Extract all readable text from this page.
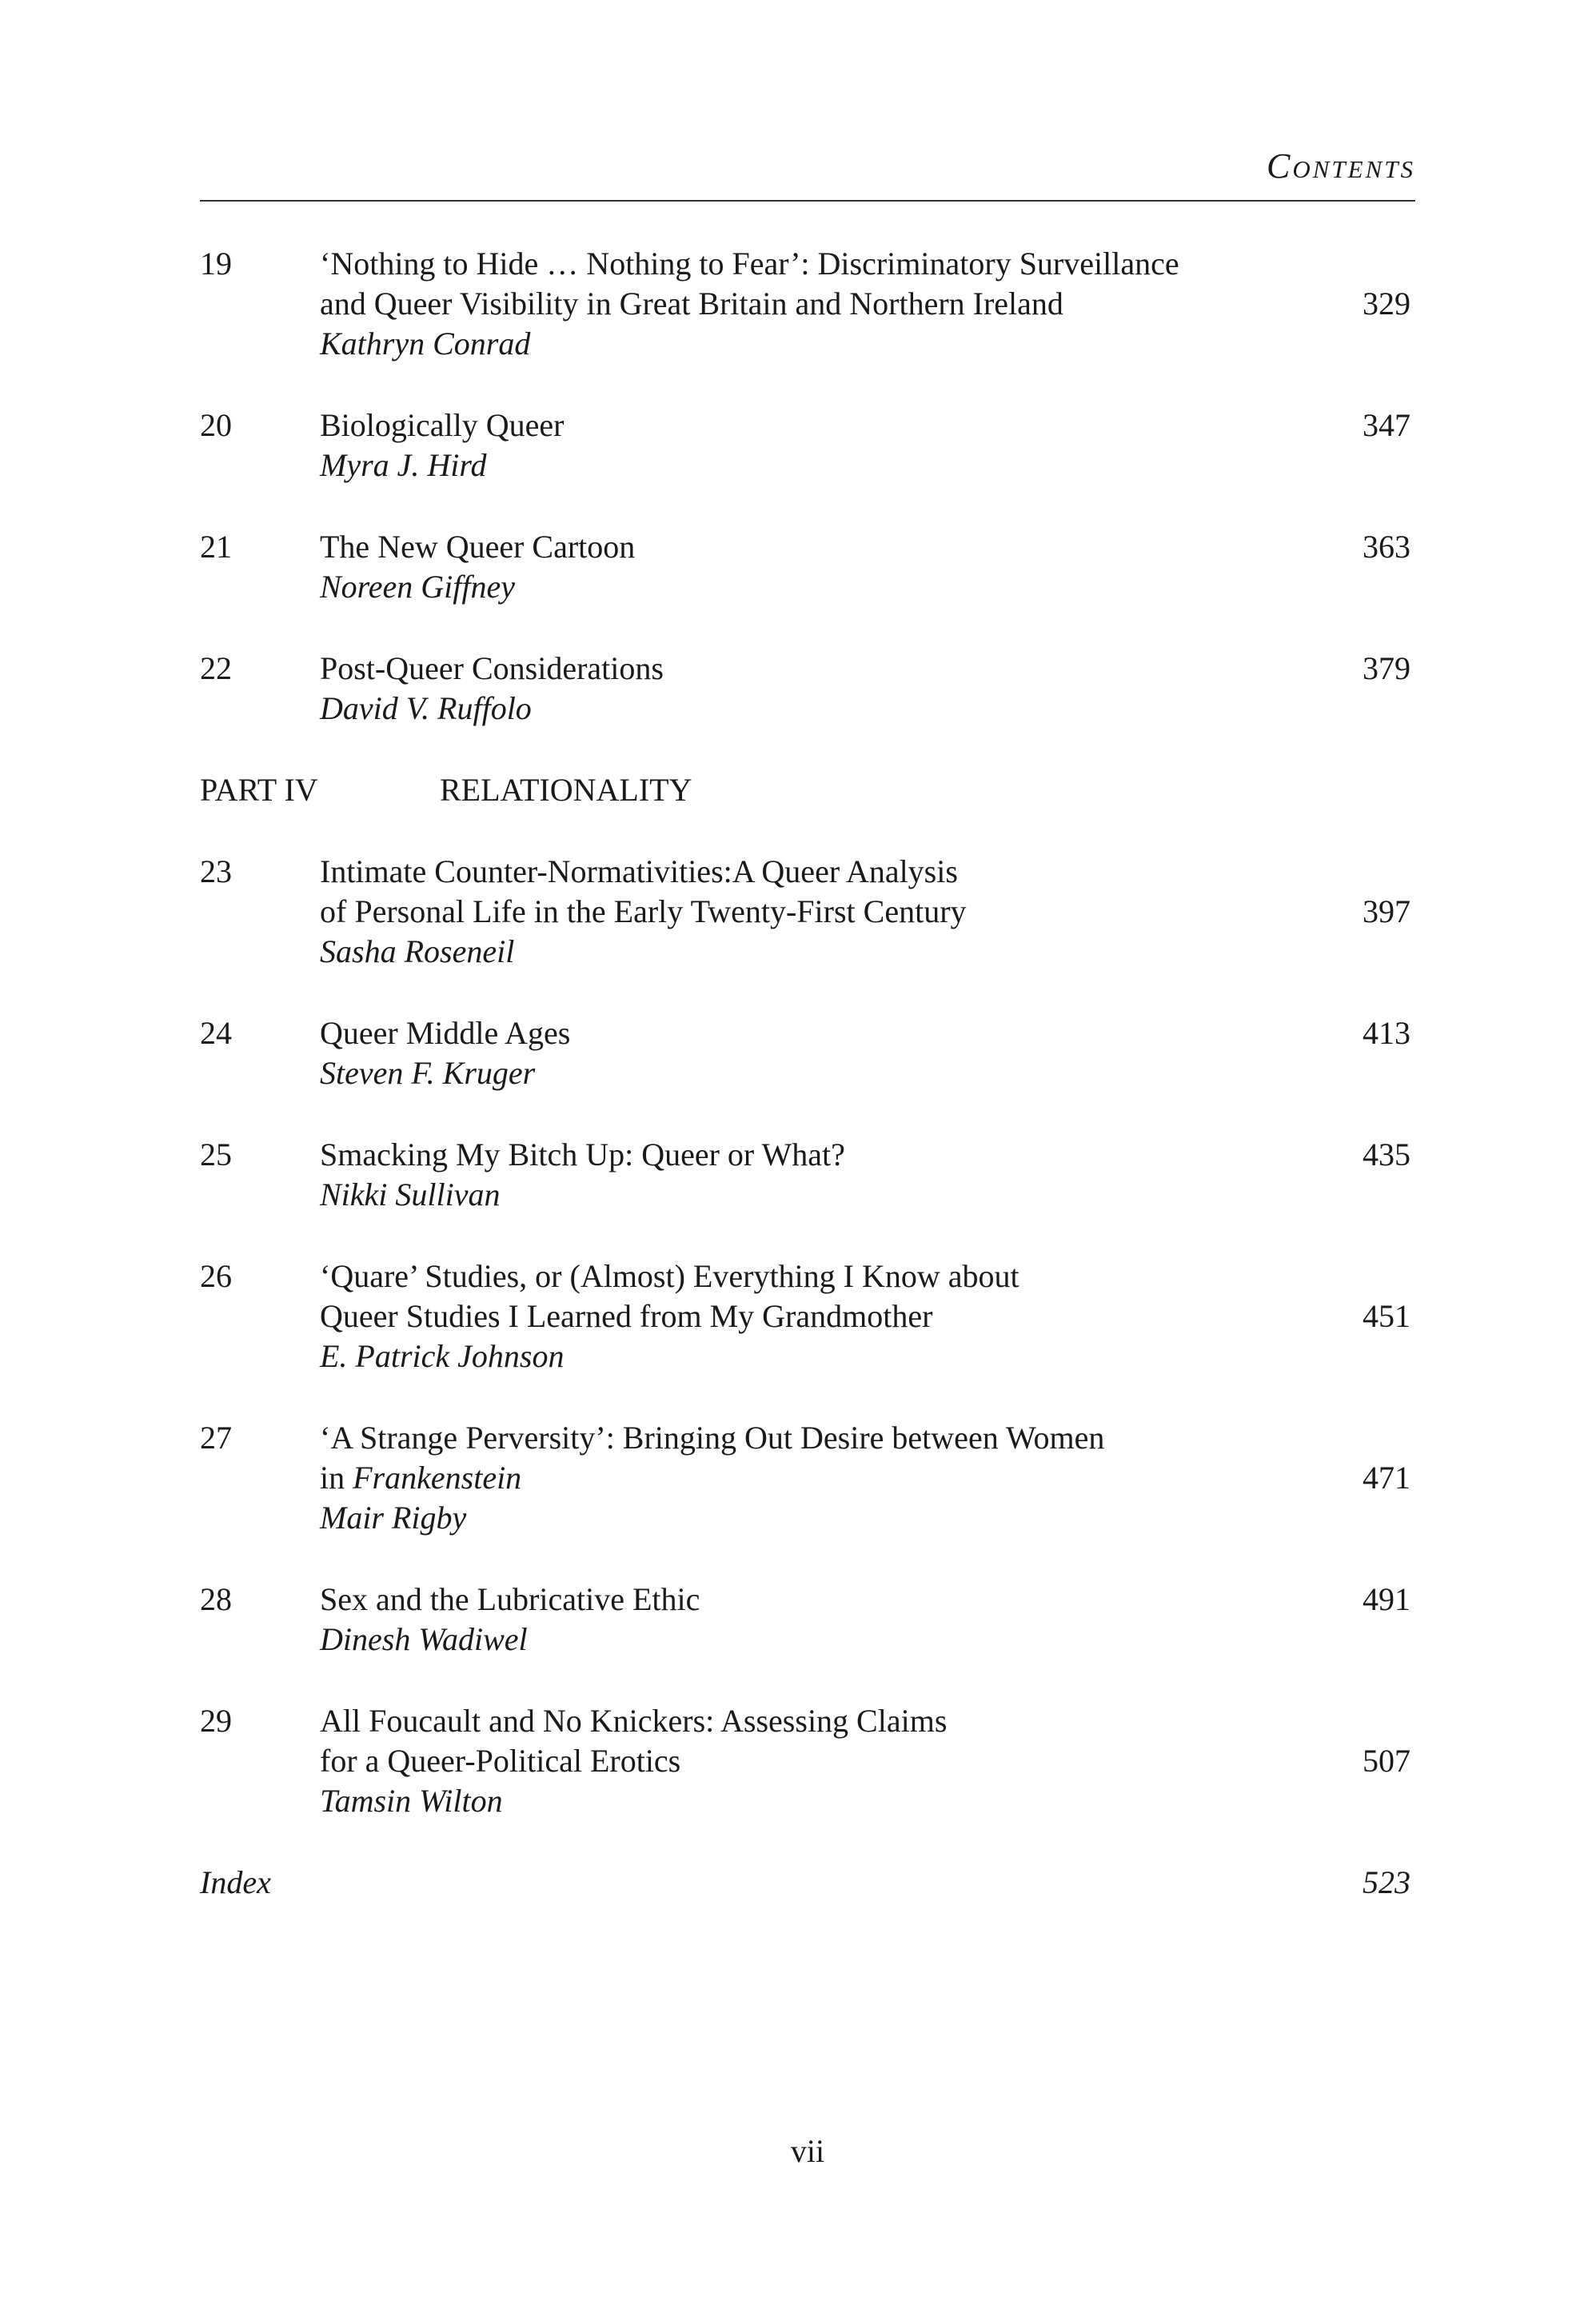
Contents
19	‘Nothing to Hide … Nothing to Fear’: Discriminatory Surveillance
and Queer Visibility in Great Britain and Northern Ireland
Kathryn Conrad
329
20	Biologically Queer
Myra J. Hird
347
21	The New Queer Cartoon
Noreen Giffney
363
22	Post-Queer Considerations
David V. Ruffolo
379
PART IV	RELATIONALITY
23	Intimate Counter-Normativities:A Queer Analysis
of Personal Life in the Early Twenty-First Century
Sasha Roseneil
397
24	Queer Middle Ages
Steven F. Kruger
413
25	Smacking My Bitch Up: Queer or What?
Nikki Sullivan
435
26	‘Quare’ Studies, or (Almost) Everything I Know about
Queer Studies I Learned from My Grandmother
E. Patrick Johnson
451
27	‘A Strange Perversity’: Bringing Out Desire between Women
in Frankenstein
Mair Rigby
471
28	Sex and the Lubricative Ethic
Dinesh Wadiwel
491
29	All Foucault and No Knickers: Assessing Claims
for a Queer-Political Erotics
Tamsin Wilton
507
Index	523
vii
